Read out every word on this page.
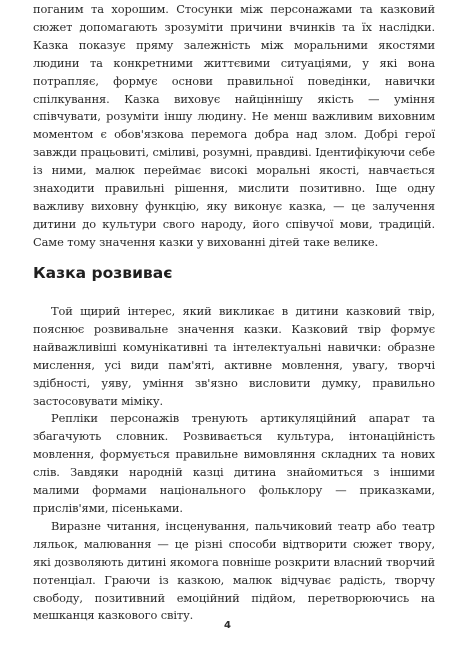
поганим та хорошим. Стосунки між персонажами та казковий сюжет допомагають зрозуміти причини вчинків та їх наслідки. Казка показує пряму залежність між моральними якостями людини та конкретними життєвими ситуаціями, у які вона потрапляє, формує основи правильної поведінки, навички спілкування. Казка виховує найцiннiшу якість — уміння співчувати, розуміти іншу людину. Не менш важливим виховним моментом є обов'язкова перемога добра над злом. Добрі герої завжди працьовиті, сміливі, розумні, правдиві. Ідентифікуючи себе із ними, малюк переймає високі моральні якості, навчається знаходити правильні рішення, мислити позитивно. Іще одну важливу виховну функцію, яку виконує казка, — це залучення дитини до культури свого народу, його співучої мови, традицій. Саме тому значення казки у вихованні дітей таке велике.

Казка розвиває

Той щирий інтерес, який викликає в дитини казковий твір, пояснює розвивальне значення казки. Казковий твір формує найважливіші комунікативні та інтелектуальні навички: образне мислення, усі види пам'яті, активне мовлення, увагу, творчі здібності, уяву, уміння зв'язно висловити думку, правильно застосовувати міміку.

Репліки персонажів тренують артикуляційний апарат та збагачують словник. Розвивається культура, інтонаційність мовлення, формується правильне вимовляння складних та нових слів. Завдяки народній казці дитина знайомиться з іншими малими формами національного фольклору — приказками, прислів'ями, пісеньками.

Виразне читання, інсценування, пальчиковий театр або театр ляльок, малювання — це різні способи відтворити сюжет твору, які дозволяють дитині якомога повніше розкрити власний творчий потенціал. Граючи із казкою, малюк відчуває радість, творчу свободу, позитивний емоційний підйом, перетворюючись на мешканця казкового світу.

4
